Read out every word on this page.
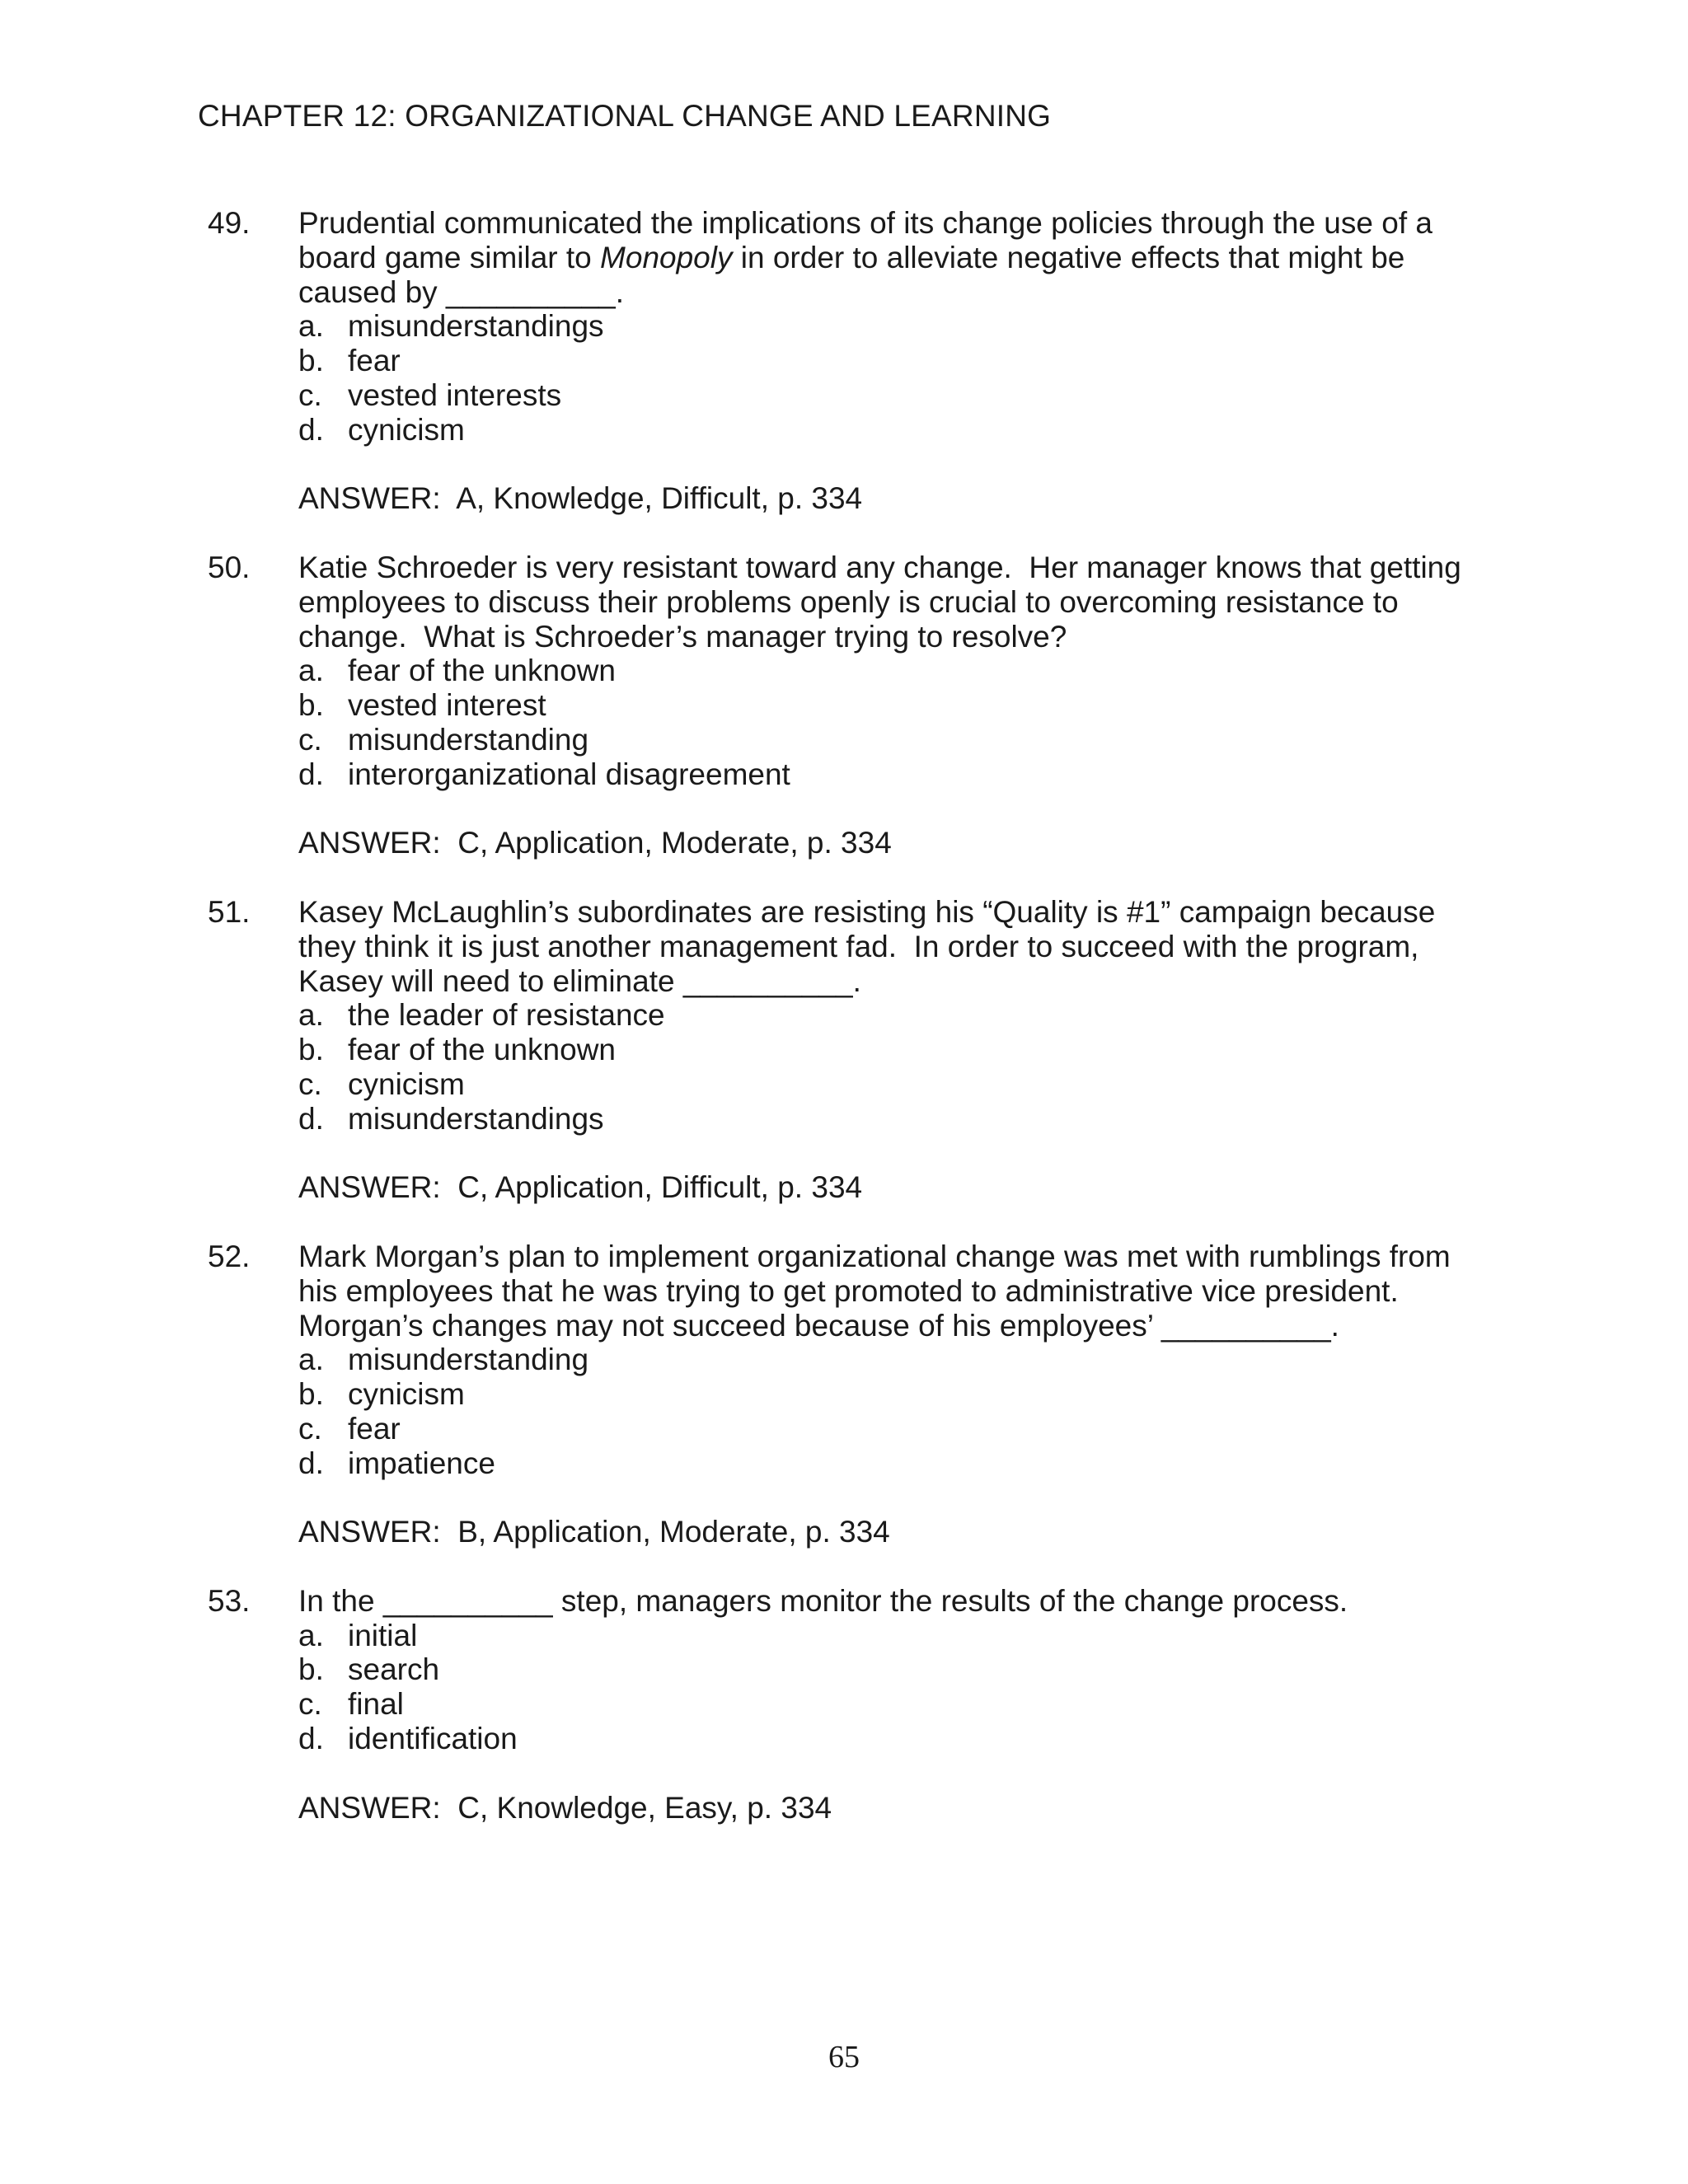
CHAPTER 12: ORGANIZATIONAL CHANGE AND LEARNING
49.	Prudential communicated the implications of its change policies through the use of a board game similar to Monopoly in order to alleviate negative effects that might be caused by __________.
a. misunderstandings
b. fear
c. vested interests
d. cynicism
ANSWER:  A, Knowledge, Difficult, p. 334
50.	Katie Schroeder is very resistant toward any change.  Her manager knows that getting employees to discuss their problems openly is crucial to overcoming resistance to change.  What is Schroeder’s manager trying to resolve?
a. fear of the unknown
b. vested interest
c. misunderstanding
d. interorganizational disagreement
ANSWER:  C, Application, Moderate, p. 334
51.	Kasey McLaughlin’s subordinates are resisting his “Quality is #1” campaign because they think it is just another management fad.  In order to succeed with the program, Kasey will need to eliminate __________.
a. the leader of resistance
b. fear of the unknown
c. cynicism
d. misunderstandings
ANSWER:  C, Application, Difficult, p. 334
52.	Mark Morgan’s plan to implement organizational change was met with rumblings from his employees that he was trying to get promoted to administrative vice president. Morgan’s changes may not succeed because of his employees’ __________.
a. misunderstanding
b. cynicism
c. fear
d. impatience
ANSWER:  B, Application, Moderate, p. 334
53.	In the __________ step, managers monitor the results of the change process.
a. initial
b. search
c. final
d. identification
ANSWER:  C, Knowledge, Easy, p. 334
65
